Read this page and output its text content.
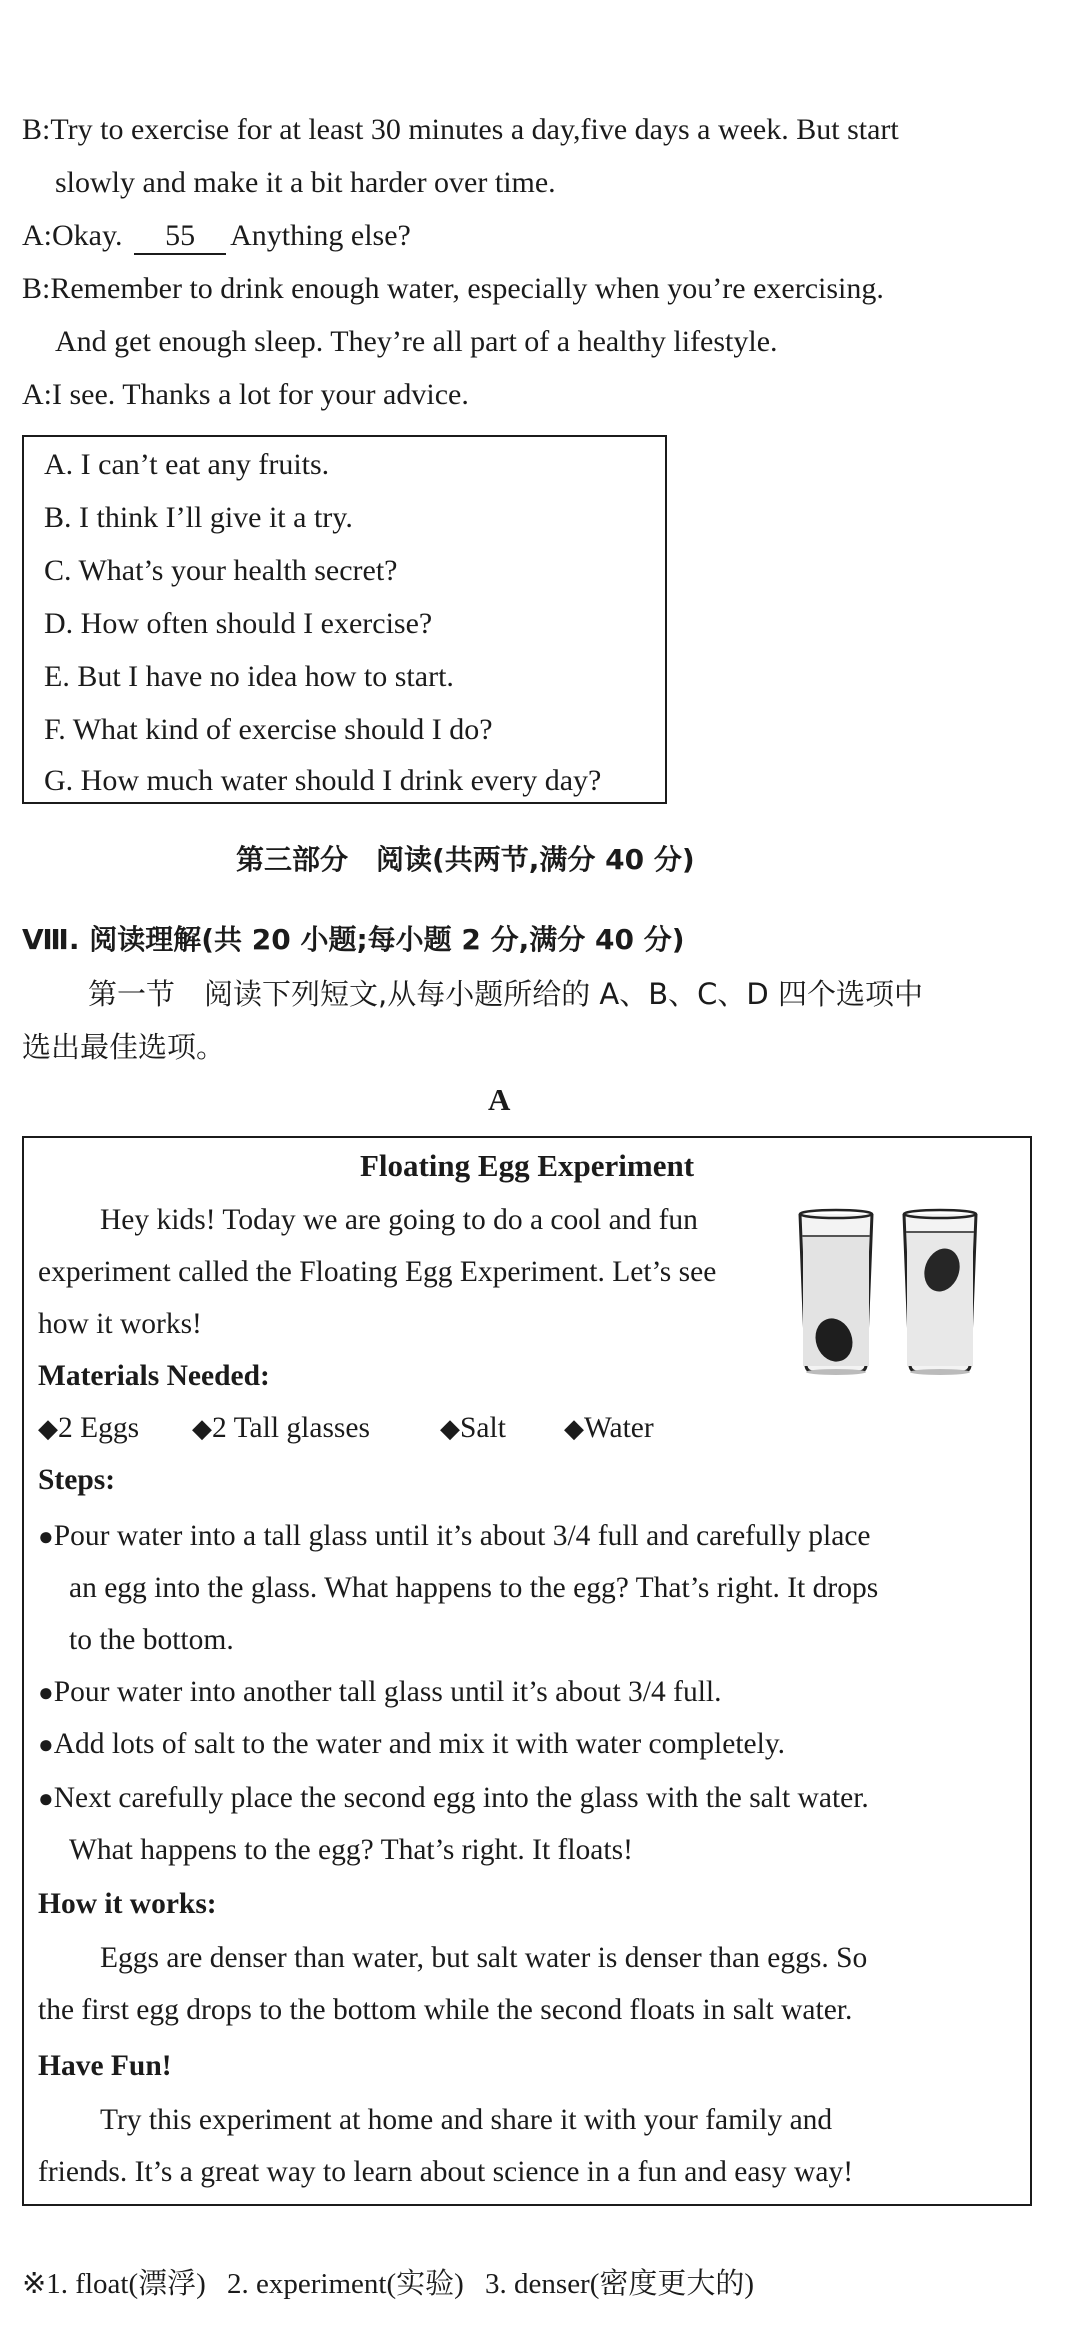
B:Try to exercise for at least 30 minutes a day,five days a week. But start
slowly and make it a bit harder over time.
A:Okay. 55 Anything else?
B:Remember to drink enough water, especially when you’re exercising.
And get enough sleep. They’re all part of a healthy lifestyle.
A:I see. Thanks a lot for your advice.
A. I can’t eat any fruits.
B. I think I’ll give it a try.
C. What’s your health secret?
D. How often should I exercise?
E. But I have no idea how to start.
F. What kind of exercise should I do?
G. How much water should I drink every day?
第三部分　阅读(共两节,满分 40 分)
Ⅷ. 阅读理解(共 20 小题;每小题 2 分,满分 40 分)
第一节　阅读下列短文,从每小题所给的 A、B、C、D 四个选项中
选出最佳选项。
A
Floating Egg Experiment
Hey kids! Today we are going to do a cool and fun
experiment called the Floating Egg Experiment. Let’s see
how it works!
Materials Needed:
◆2 Eggs ◆2 Tall glasses	◆Salt ◆Water
Steps:
●Pour water into a tall glass until it’s about 3/4 full and carefully place
an egg into the glass. What happens to the egg? That’s right. It drops
to the bottom.
●Pour water into another tall glass until it’s about 3/4 full.
●Add lots of salt to the water and mix it with water completely.
●Next carefully place the second egg into the glass with the salt water.
What happens to the egg? That’s right. It floats!
How it works:
Eggs are denser than water, but salt water is denser than eggs. So
the first egg drops to the bottom while the second floats in salt water.
Have Fun!
Try this experiment at home and share it with your family and
friends. It’s a great way to learn about science in a fun and easy way!
※1. float(漂浮) 2. experiment(实验) 3. denser(密度更大的)
